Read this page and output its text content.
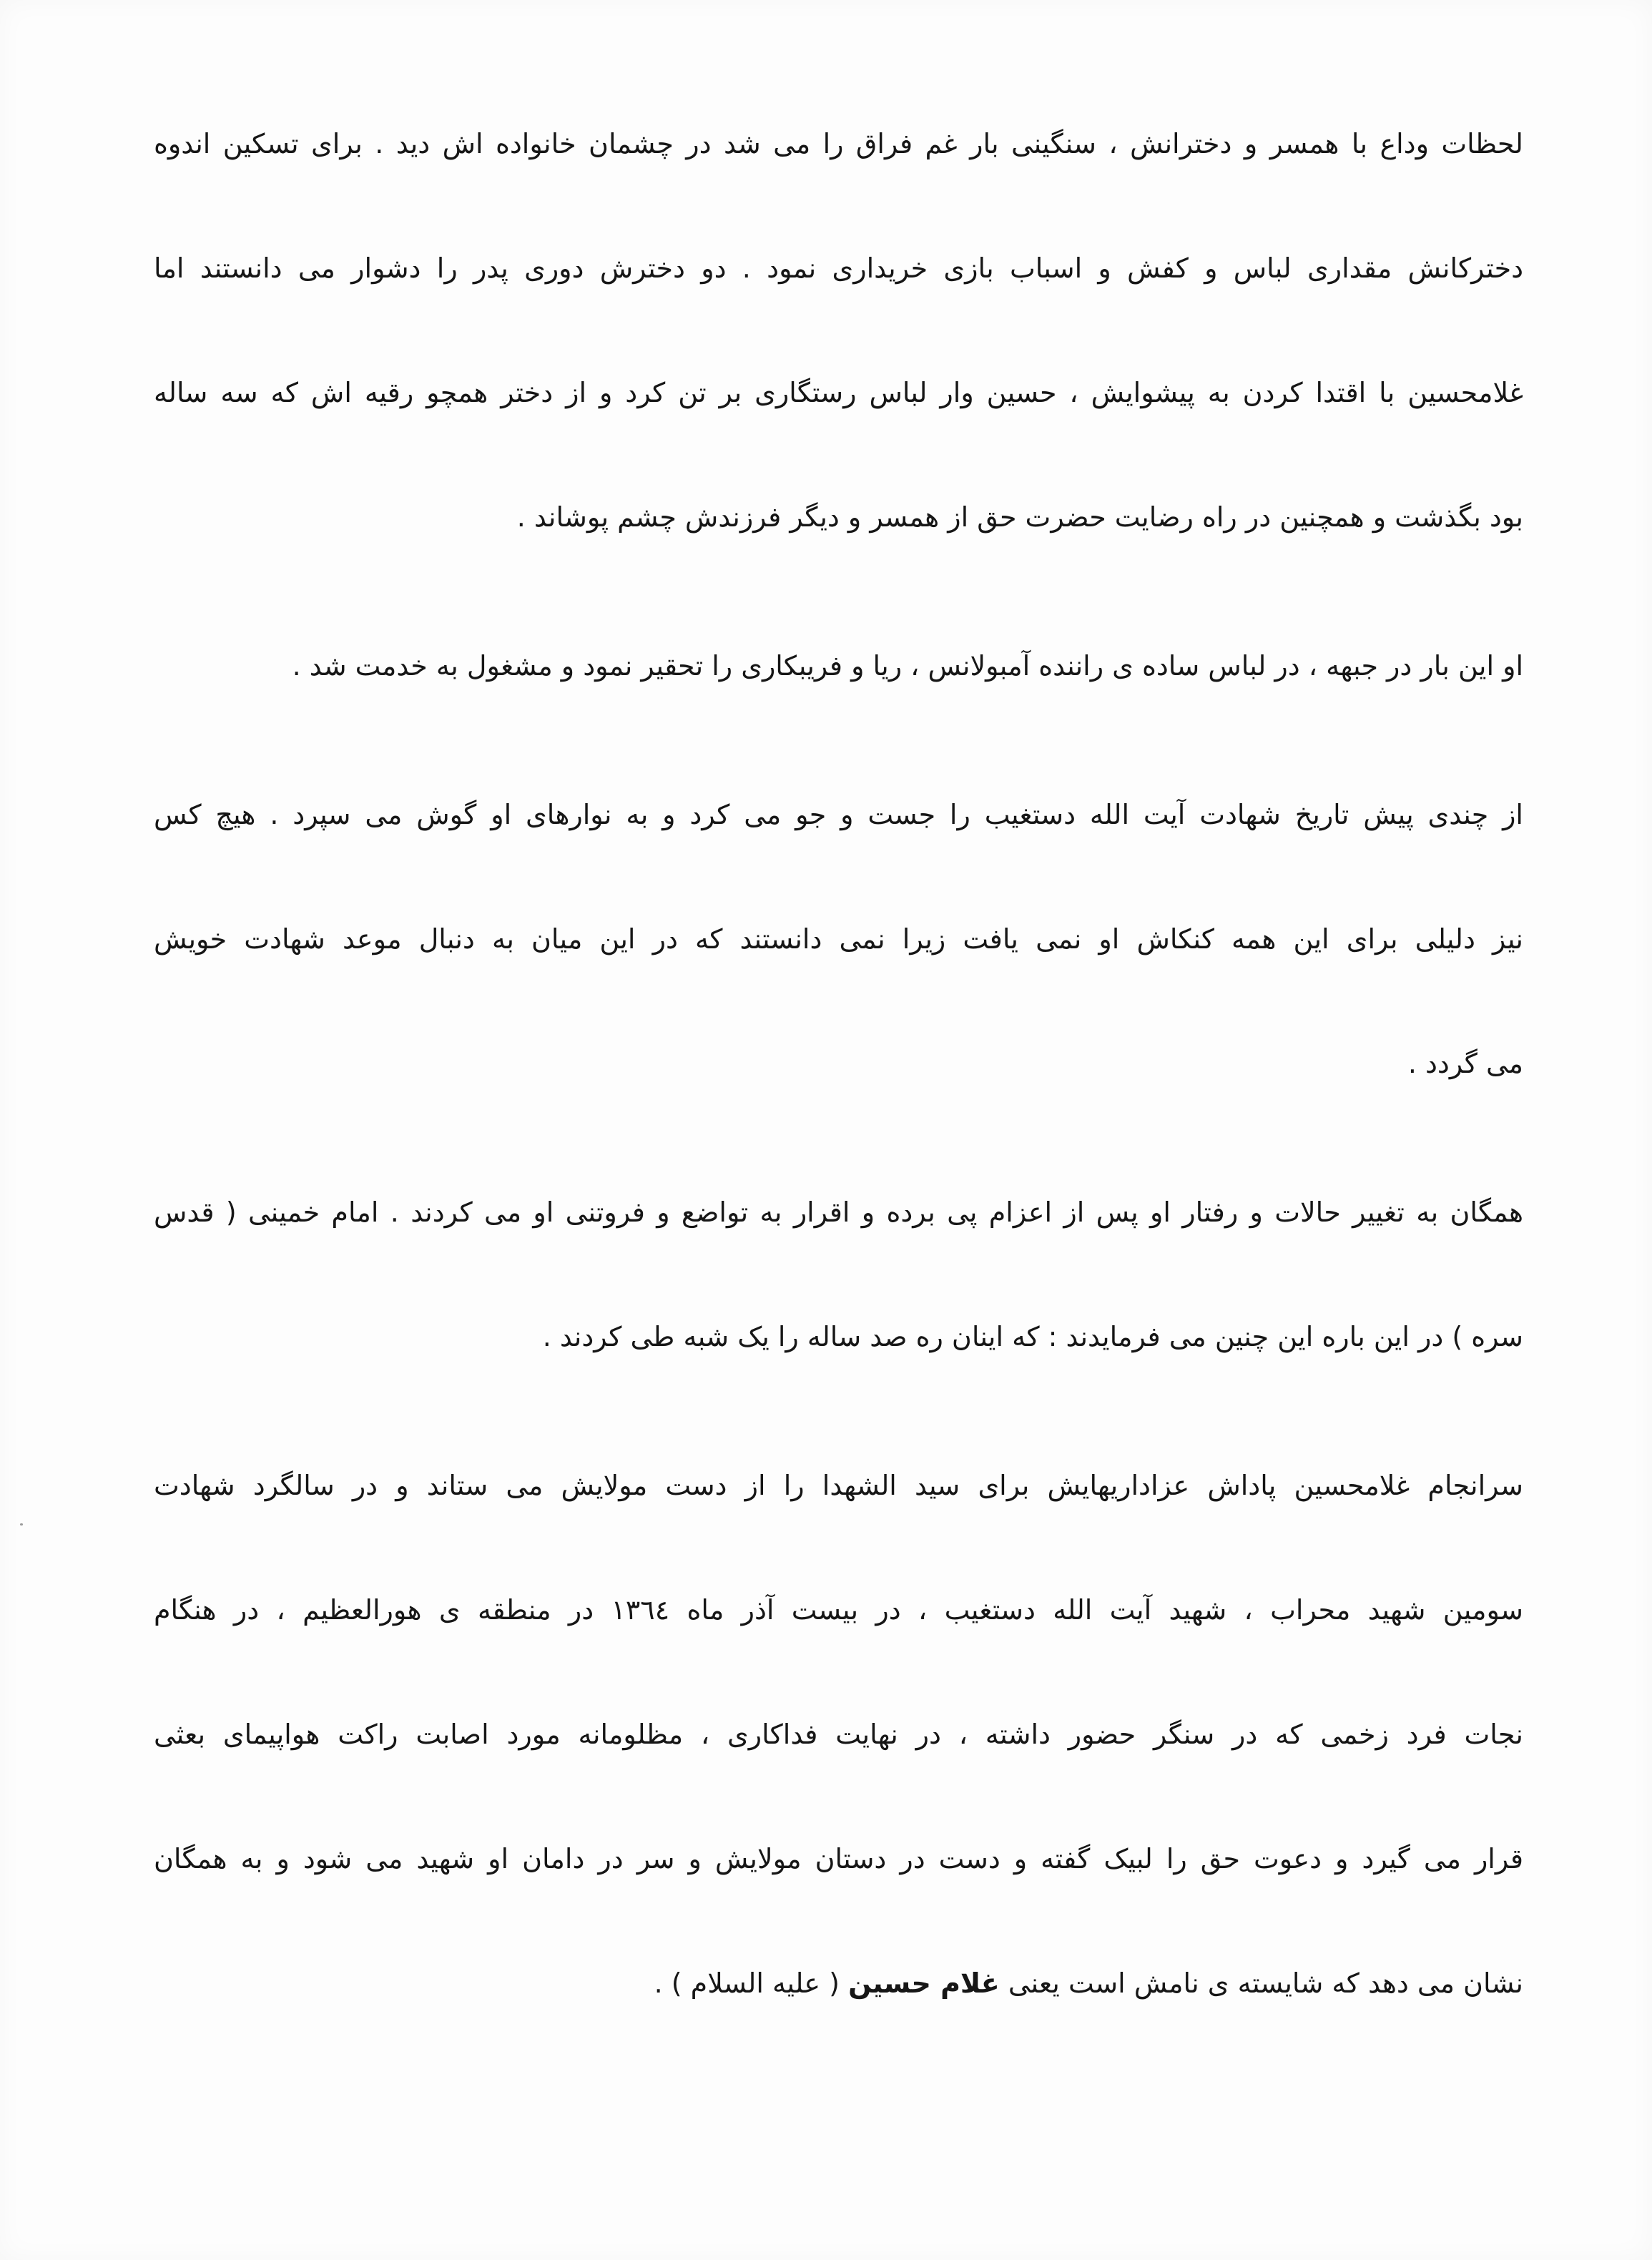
لحظات وداع با همسر و دخترانش ، سنگینی بار غم فراق را می شد در چشمان خانواده اش دید . برای تسکین اندوه
دخترکانش مقداری لباس و کفش و اسباب بازی خریداری نمود . دو دخترش دوری پدر را دشوار می دانستند اما
غلامحسین با اقتدا کردن به پیشوایش ، حسین وار لباس رستگاری بر تن کرد و از دختر همچو رقیه اش که سه ساله
بود بگذشت و همچنین در راه رضایت حضرت حق از همسر و دیگر فرزندش چشم پوشاند .
او این بار در جبهه ، در لباس ساده ی راننده آمبولانس ، ریا و فریبکاری را تحقیر نمود و مشغول به خدمت شد .
از چندی پیش تاریخ شهادت آیت الله دستغیب را جست و جو می کرد و به نوارهای او گوش می سپرد . هیچ کس
نیز دلیلی برای این همه کنکاش او نمی یافت زیرا نمی دانستند که در این میان به دنبال موعد شهادت خویش
می گردد .
همگان به تغییر حالات و رفتار او پس از اعزام پی برده و اقرار به تواضع و فروتنی او می کردند . امام خمینی ( قدس
سره ) در این باره این چنین می فرمایدند : که اینان ره صد ساله را یک شبه طی کردند .
سرانجام غلامحسین پاداش عزاداریهایش برای سید الشهدا را از دست مولایش می ستاند و در سالگرد شهادت
سومین شهید محراب ، شهید آیت الله دستغیب ، در بیست آذر ماه ١٣٦٤ در منطقه ی هورالعظیم ، در هنگام
نجات فرد زخمی که در سنگر حضور داشته ، در نهایت فداکاری ، مظلومانه مورد اصابت راکت هواپیمای بعثی
قرار می گیرد و دعوت حق را لبیک گفته و دست در دستان مولایش و سر در دامان او شهید می شود و به همگان
نشان می دهد که شایسته ی نامش است یعنی غلام حسین ( علیه السلام ) .
